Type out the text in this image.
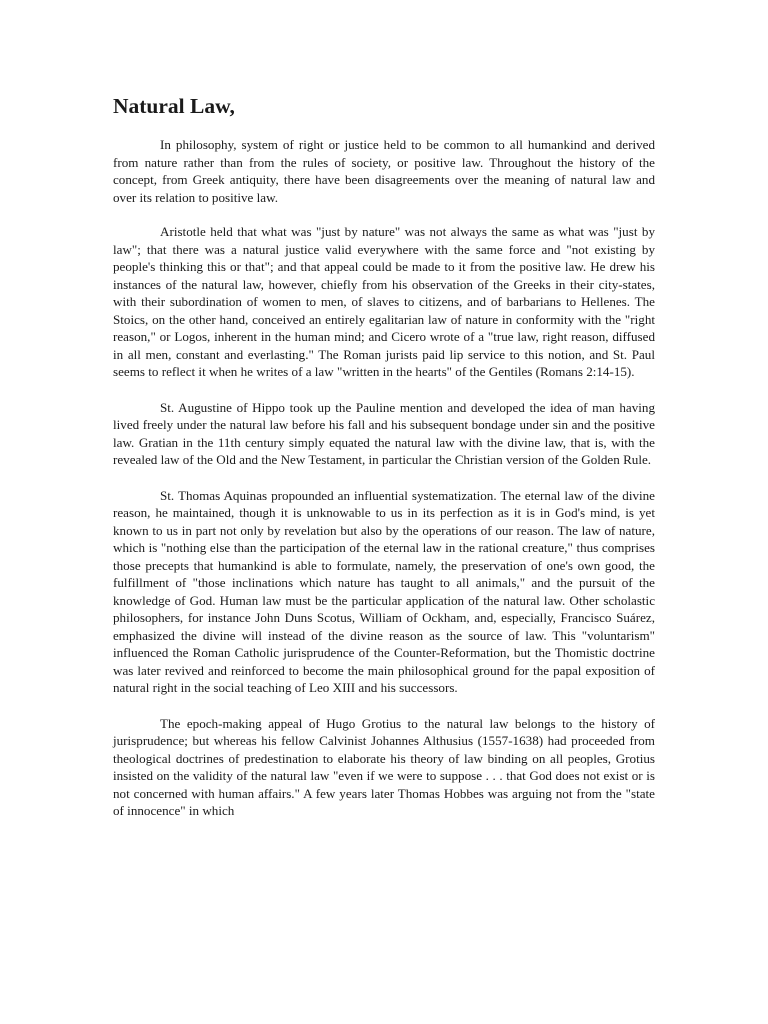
Natural Law,

In philosophy, system of right or justice held to be common to all humankind and derived from nature rather than from the rules of society, or positive law. Throughout the history of the concept, from Greek antiquity, there have been disagreements over the meaning of natural law and over its relation to positive law.

Aristotle held that what was "just by nature" was not always the same as what was "just by law"; that there was a natural justice valid everywhere with the same force and "not existing by people's thinking this or that"; and that appeal could be made to it from the positive law. He drew his instances of the natural law, however, chiefly from his observation of the Greeks in their city-states, with their subordination of women to men, of slaves to citizens, and of barbarians to Hellenes. The Stoics, on the other hand, conceived an entirely egalitarian law of nature in conformity with the "right reason," or Logos, inherent in the human mind; and Cicero wrote of a "true law, right reason, diffused in all men, constant and everlasting." The Roman jurists paid lip service to this notion, and St. Paul seems to reflect it when he writes of a law "written in the hearts" of the Gentiles (Romans 2:14-15).

St. Augustine of Hippo took up the Pauline mention and developed the idea of man having lived freely under the natural law before his fall and his subsequent bondage under sin and the positive law. Gratian in the 11th century simply equated the natural law with the divine law, that is, with the revealed law of the Old and the New Testament, in particular the Christian version of the Golden Rule.

St. Thomas Aquinas propounded an influential systematization. The eternal law of the divine reason, he maintained, though it is unknowable to us in its perfection as it is in God's mind, is yet known to us in part not only by revelation but also by the operations of our reason. The law of nature, which is "nothing else than the participation of the eternal law in the rational creature," thus comprises those precepts that humankind is able to formulate, namely, the preservation of one's own good, the fulfillment of "those inclinations which nature has taught to all animals," and the pursuit of the knowledge of God. Human law must be the particular application of the natural law. Other scholastic philosophers, for instance John Duns Scotus, William of Ockham, and, especially, Francisco Suárez, emphasized the divine will instead of the divine reason as the source of law. This "voluntarism" influenced the Roman Catholic jurisprudence of the Counter-Reformation, but the Thomistic doctrine was later revived and reinforced to become the main philosophical ground for the papal exposition of natural right in the social teaching of Leo XIII and his successors.

The epoch-making appeal of Hugo Grotius to the natural law belongs to the history of jurisprudence; but whereas his fellow Calvinist Johannes Althusius (1557-1638) had proceeded from theological doctrines of predestination to elaborate his theory of law binding on all peoples, Grotius insisted on the validity of the natural law "even if we were to suppose . . . that God does not exist or is not concerned with human affairs." A few years later Thomas Hobbes was arguing not from the "state of innocence" in which
